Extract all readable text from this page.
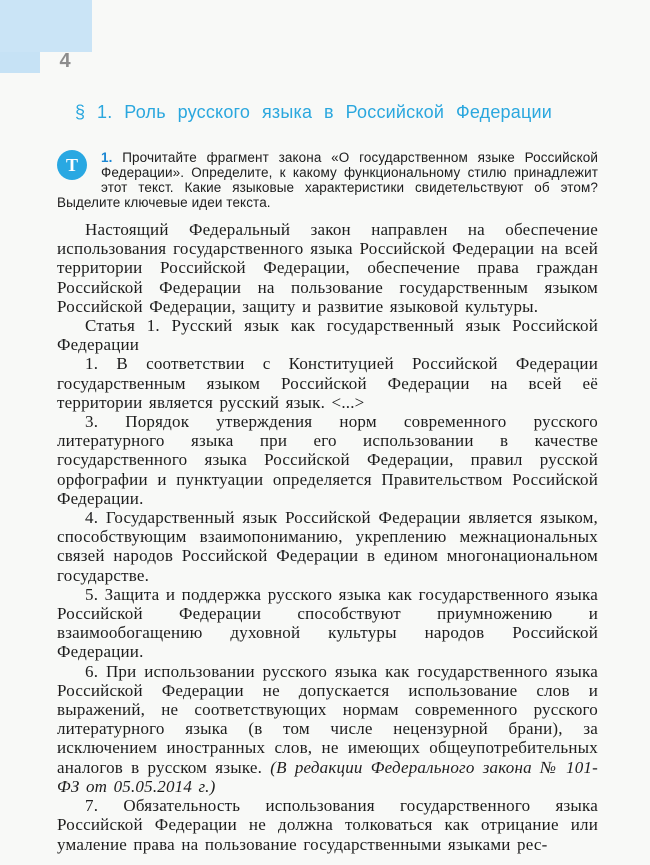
4
§ 1. Роль русского языка в Российской Федерации
Т	1. Прочитайте фрагмент закона «О государственном языке Российской Федерации». Определите, к какому функциональному стилю принадлежит этот текст. Какие языковые характеристики свидетельствуют об этом? Выделите ключевые идеи текста.

Настоящий Федеральный закон направлен на обеспечение использования государственного языка Российской Федерации на всей территории Российской Федерации, обеспечение права граждан Российской Федерации на пользование государственным языком Российской Федерации, защиту и развитие языковой культуры.

Статья 1. Русский язык как государственный язык Российской Федерации

1. В соответствии с Конституцией Российской Федерации государственным языком Российской Федерации на всей её территории является русский язык. <...>

3. Порядок утверждения норм современного русского литературного языка при его использовании в качестве государственного языка Российской Федерации, правил русской орфографии и пунктуации определяется Правительством Российской Федерации.

4. Государственный язык Российской Федерации является языком, способствующим взаимопониманию, укреплению межнациональных связей народов Российской Федерации в едином многонациональном государстве.

5. Защита и поддержка русского языка как государственного языка Российской Федерации способствуют приумножению и взаимообогащению духовной культуры народов Российской Федерации.

6. При использовании русского языка как государственного языка Российской Федерации не допускается использование слов и выражений, не соответствующих нормам современного русского литературного языка (в том числе нецензурной брани), за исключением иностранных слов, не имеющих общеупотребительных аналогов в русском языке. (В редакции Федерального закона № 101-ФЗ от 05.05.2014 г.)

7. Обязательность использования государственного языка Российской Федерации не должна толковаться как отрицание или умаление права на пользование государственными языками рес-
